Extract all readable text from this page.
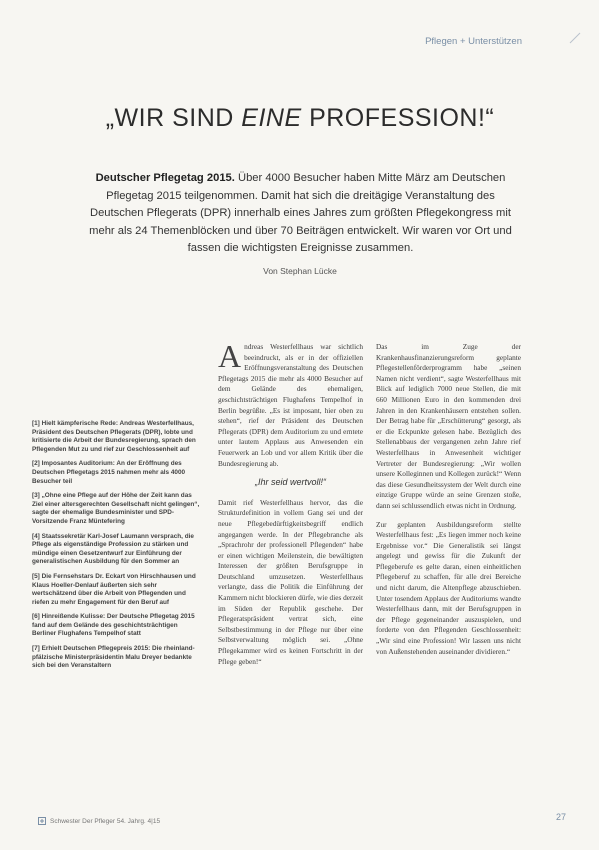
Pflegen + Unterstützen
„WIR SIND EINE PROFESSION!“

Deutscher Pflegetag 2015. Über 4000 Besucher haben Mitte März am Deutschen Pflegetag 2015 teilgenommen. Damit hat sich die dreitägige Veranstaltung des Deutschen Pflegerats (DPR) innerhalb eines Jahres zum größten Pflegekongress mit mehr als 24 Themenblöcken und über 70 Beiträgen entwickelt. Wir waren vor Ort und fassen die wichtigsten Ereignisse zusammen.

Von Stephan Lücke

[1] Hielt kämpferische Rede: Andreas Westerfellhaus, Präsident des Deutschen Pflegerats (DPR), lobte und kritisierte die Arbeit der Bundesregierung, sprach den Pflegenden Mut zu und rief zur Geschlossenheit auf

[2] Imposantes Auditorium: An der Eröffnung des Deutschen Pflegetags 2015 nahmen mehr als 4000 Besucher teil

[3] „Ohne eine Pflege auf der Höhe der Zeit kann das Ziel einer altersgerechten Gesellschaft nicht gelingen“, sagte der ehemalige Bundesminister und SPD-Vorsitzende Franz Müntefering

[4] Staatssekretär Karl-Josef Laumann versprach, die Pflege als eigenständige Profession zu stärken und mündige einen Gesetzentwurf zur Einführung der generalistischen Ausbildung für den Sommer an

[5] Die Fernsehstars Dr. Eckart von Hirschhausen und Klaus Hoeller-Denlauf äußerten sich sehr wertschätzend über die Arbeit von Pflegenden und riefen zu mehr Engagement für den Beruf auf

[6] Hinreißende Kulisse: Der Deutsche Pflegetag 2015 fand auf dem Gelände des geschichtsträchtigen Berliner Flughafens Tempelhof statt

[7] Erhielt Deutschen Pflegepreis 2015: Die rheinland-pfälzische Ministerpräsidentin Malu Dreyer bedankte sich bei den Veranstaltern

Andreas Westerfellhaus war sichtlich beeindruckt, als er in der offiziellen Eröffnungsveranstaltung des Deutschen Pflegetags 2015 die mehr als 4000 Besucher auf dem Gelände des ehemaligen, geschichtsträchtigen Flughafens Tempelhof in Berlin begrüßte. „Es ist imposant, hier oben zu stehen“, rief der Präsident des Deutschen Pflegerats (DPR) dem Auditorium zu und erntete unter lautem Applaus aus Anwesenden ein Feuerwerk an Lob und vor allem Kritik über die Bundesregierung ab.

„Ihr seid wertvoll!“

Damit rief Westerfellhaus hervor, das die Strukturdefinition in vollem Gang sei und der neue Pflegebedürftigkeitsbegriff endlich angegangen werde. In der Pflegebranche als „Sprachrohr der professionell Pflegenden“ habe er einen wichtigen Meilenstein, die bewältigten Interessen der größten Berufsgruppe in Deutschland umzusetzen. Westerfellhaus verlangte, dass die Politik die Einführung der Kammern nicht blockieren dürfe, wie dies derzeit im Süden der Republik geschehe. Der Pflegeratspräsident vertrat sich, eine Selbstbestimmung in der Pflege nur über eine Selbstverwaltung möglich sei. „Ohne Pflegekammer wird es keinen Fortschritt in der Pflege geben!“

Das im Zuge der Krankenhausfinanzierungsreform geplante Pflegestellenförderprogramm habe „seinen Namen nicht verdient“, sagte Westerfellhaus mit Blick auf lediglich 7000 neue Stellen, die mit 660 Millionen Euro in den kommenden drei Jahren in den Krankenhäusern entstehen sollen. Der Betrag habe für „Erschütterung“ gesorgt, als er die Eckpunkte gelesen habe. Bezüglich des Stellenabbaus der vergangenen zehn Jahre rief Westerfellhaus in Anwesenheit wichtiger Vertreter der Bundesregierung: „Wir wollen unsere Kolleginnen und Kollegen zurück!“ Wenn das diese Gesundheitssystem der Welt durch eine einzige Gruppe würde an seine Grenzen stoße, dann sei schlussendlich etwas nicht in Ordnung.

Zur geplanten Ausbildungsreform stellte Westerfellhaus fest: „Es liegen immer noch keine Ergebnisse vor.“ Die Generalistik sei längst angelegt und gewiss für die Zukunft der Pflegeberufe es gelte daran, einen einheitlichen Pflegeberuf zu schaffen, für alle drei Bereiche und nicht darum, die Altenpflege abzuschieben. Unter tosendem Applaus der Auditoriums wandte Westerfellhaus dann, mit der Berufsgruppen in der Pflege gegeneinander auszuspielen, und forderte von den Pflegenden Geschlossenheit: „Wir sind eine Profession! Wir lassen uns nicht von Außenstehenden auseinander dividieren.“

Schwester Der Pfleger 54. Jahrg. 4|15	27
